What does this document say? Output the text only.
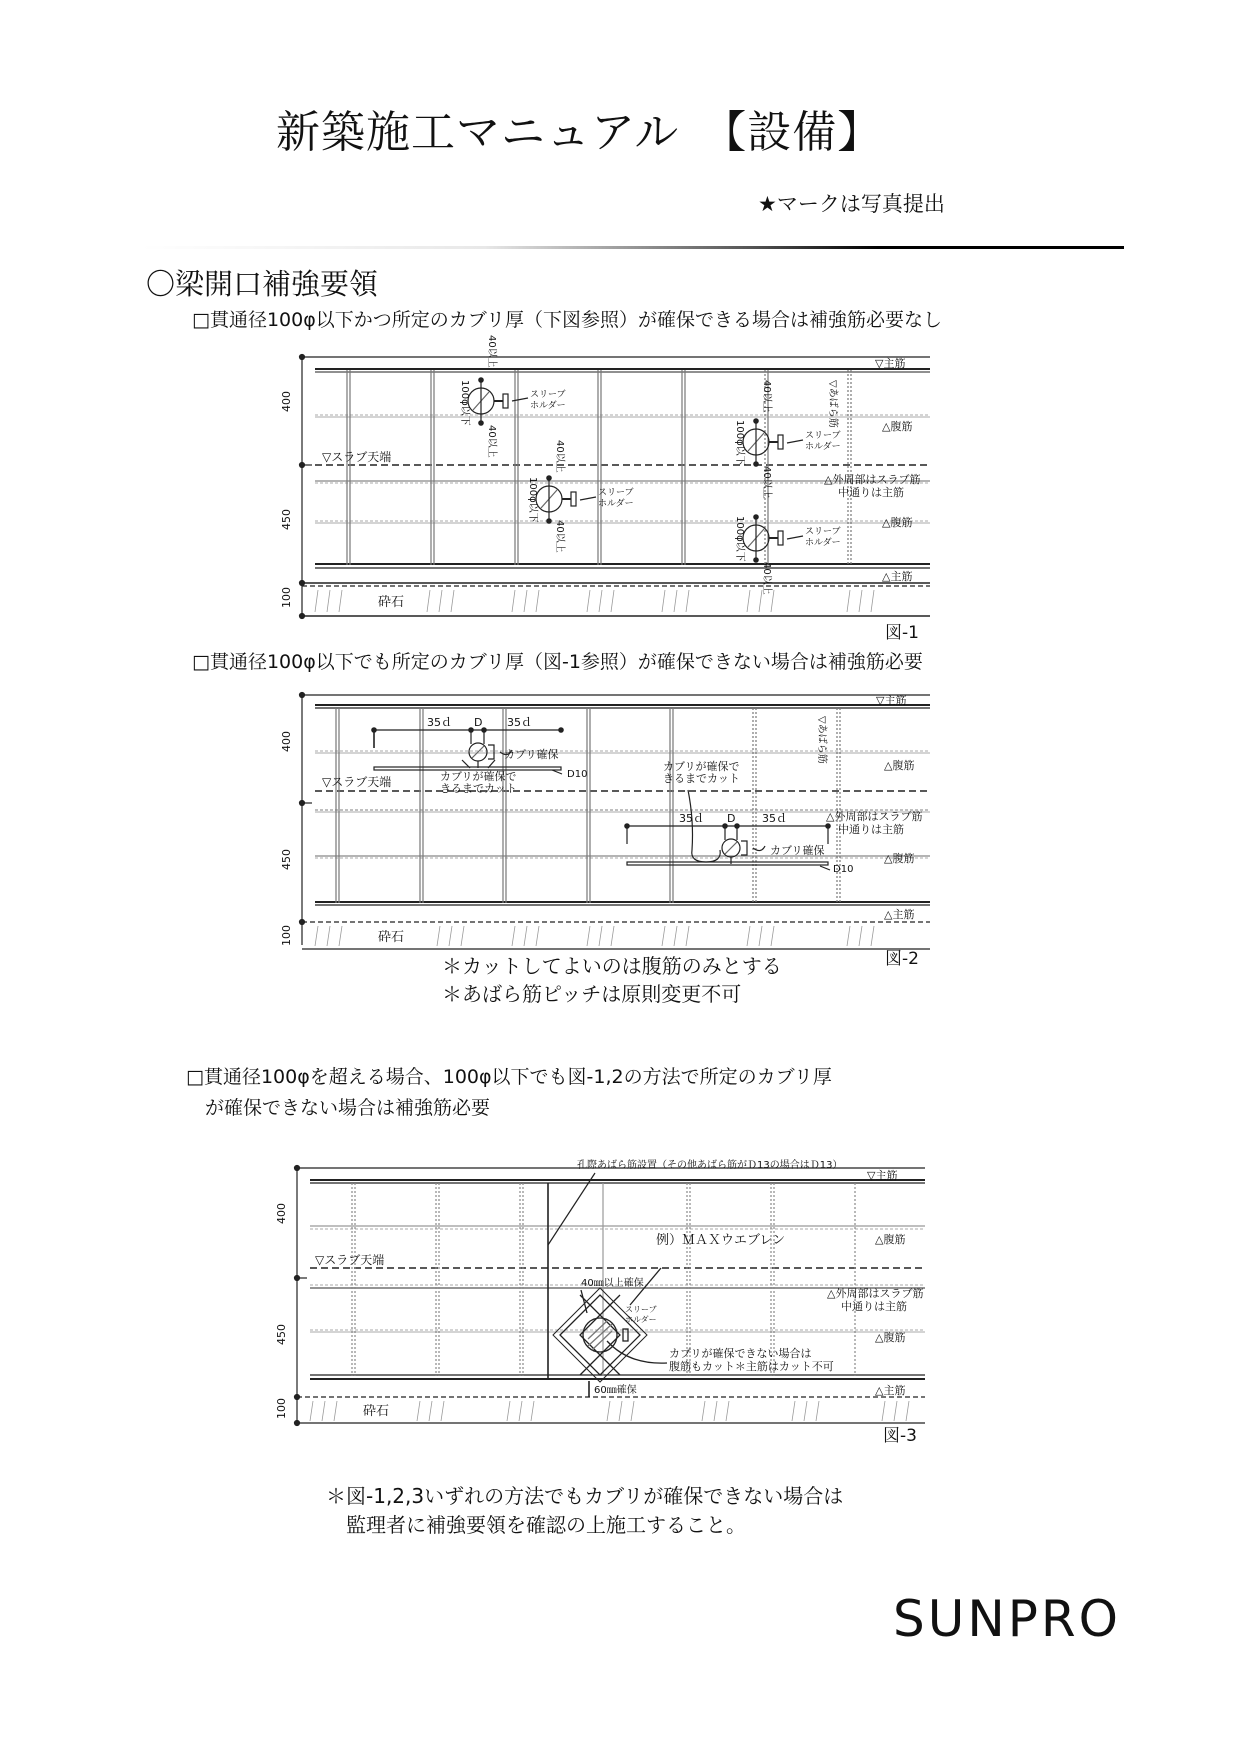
新築施工マニュアル　【設備】
★マークは写真提出
〇梁開口補強要領
□貫通径100φ以下かつ所定のカブリ厚（下図参照）が確保できる場合は補強筋必要なし
400
450
100
▽スラブ天端
砕石
▽主筋
△腹筋
△外周部はスラブ筋
中通りは主筋
△腹筋
△主筋
▽あばら筋
100φ以下
40以上
40以上
スリーブ
ホルダー
100φ以下
40以上
40以上
スリーブ
ホルダー
100φ以下
40以上
40以上
スリーブ
ホルダー
100φ以下
40以上
スリーブ
ホルダー
図-1
□貫通径100φ以下でも所定のカブリ厚（図-1参照）が確保できない場合は補強筋必要
400
450
100
▽スラブ天端
砕石
▽主筋
△腹筋
△外周部はスラブ筋
中通りは主筋
△腹筋
△主筋
▽あばら筋
35ｄ D 35ｄ
カブリ確保
D10
カブリが確保で
きるまでカット
カブリが確保で
きるまでカット
35ｄ D 35ｄ
カブリ確保
D10
＊カットしてよいのは腹筋のみとする
＊あばら筋ピッチは原則変更不可
図-2
□貫通径100φを超える場合、100φ以下でも図-1,2の方法で所定のカブリ厚
　が確保できない場合は補強筋必要
400
450
100
▽スラブ天端
砕石
▽主筋
△腹筋
△外周部はスラブ筋
中通りは主筋
△腹筋
△主筋
孔際あばら筋設置（その他あばら筋がＤ13の場合はＤ13）
例）ＭＡＸウエブレン
40㎜以上確保
スリーブ
ホルダー
カブリが確保できない場合は
腹筋もカット＊主筋はカット不可
60㎜確保
図-3
＊図-1,2,3いずれの方法でもカブリが確保できない場合は
　監理者に補強要領を確認の上施工すること。
SUNPRO
